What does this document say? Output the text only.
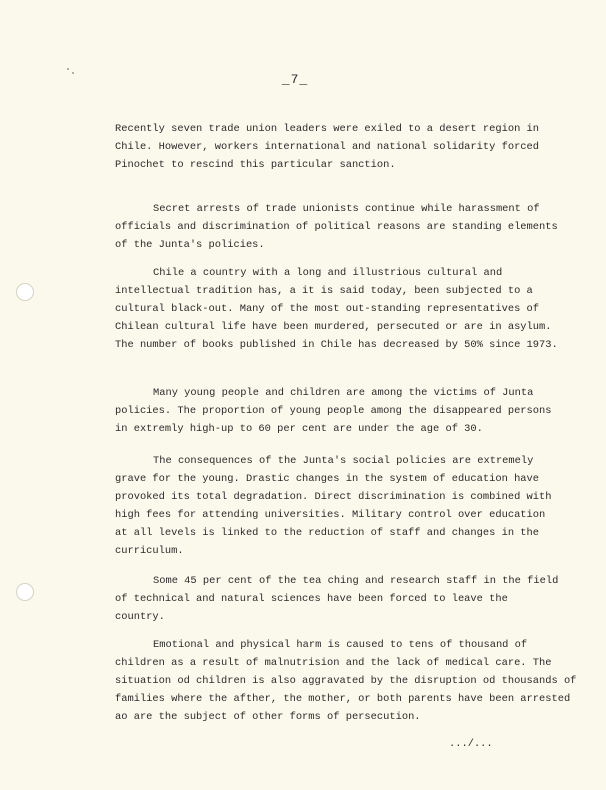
_7_
Recently seven trade union leaders were exiled to a desert region in
Chile. However, workers international and national solidarity forced
Pinochet to rescind this particular sanction.
Secret arrests of trade unionists continue while harassment of
officials and discrimination of political reasons are standing elements
of the Junta's policies.
Chile a country with a long and illustrious cultural and
intellectual tradition has, a it is said today, been subjected to a
cultural black-out. Many of the most out-standing representatives of
Chilean cultural life have been murdered, persecuted or are in asylum.
The number of books published in Chile has decreased by 50% since 1973.
Many young people and children are among the victims of Junta
policies. The proportion of young people among the disappeared persons
in extremly high-up to 60 per cent are under the age of 30.
The consequences of the Junta's social policies are extremely
grave for the young. Drastic changes in the system of education have
provoked its total degradation. Direct discrimination is combined with
high fees for attending universities. Military control over education
at all levels is linked to the reduction of staff and changes in the
curriculum.
Some 45 per cent of the tea ching and research staff in the field
of technical and natural sciences have been forced to leave the
country.
Emotional and physical harm is caused to tens of thousand of
children as a result of malnutrision and the lack of medical care. The
situation od children is also aggravated by the disruption od thousands of
families where the afther, the mother, or both parents have been arrested
ao are the subject of other forms of persecution.
.../...
